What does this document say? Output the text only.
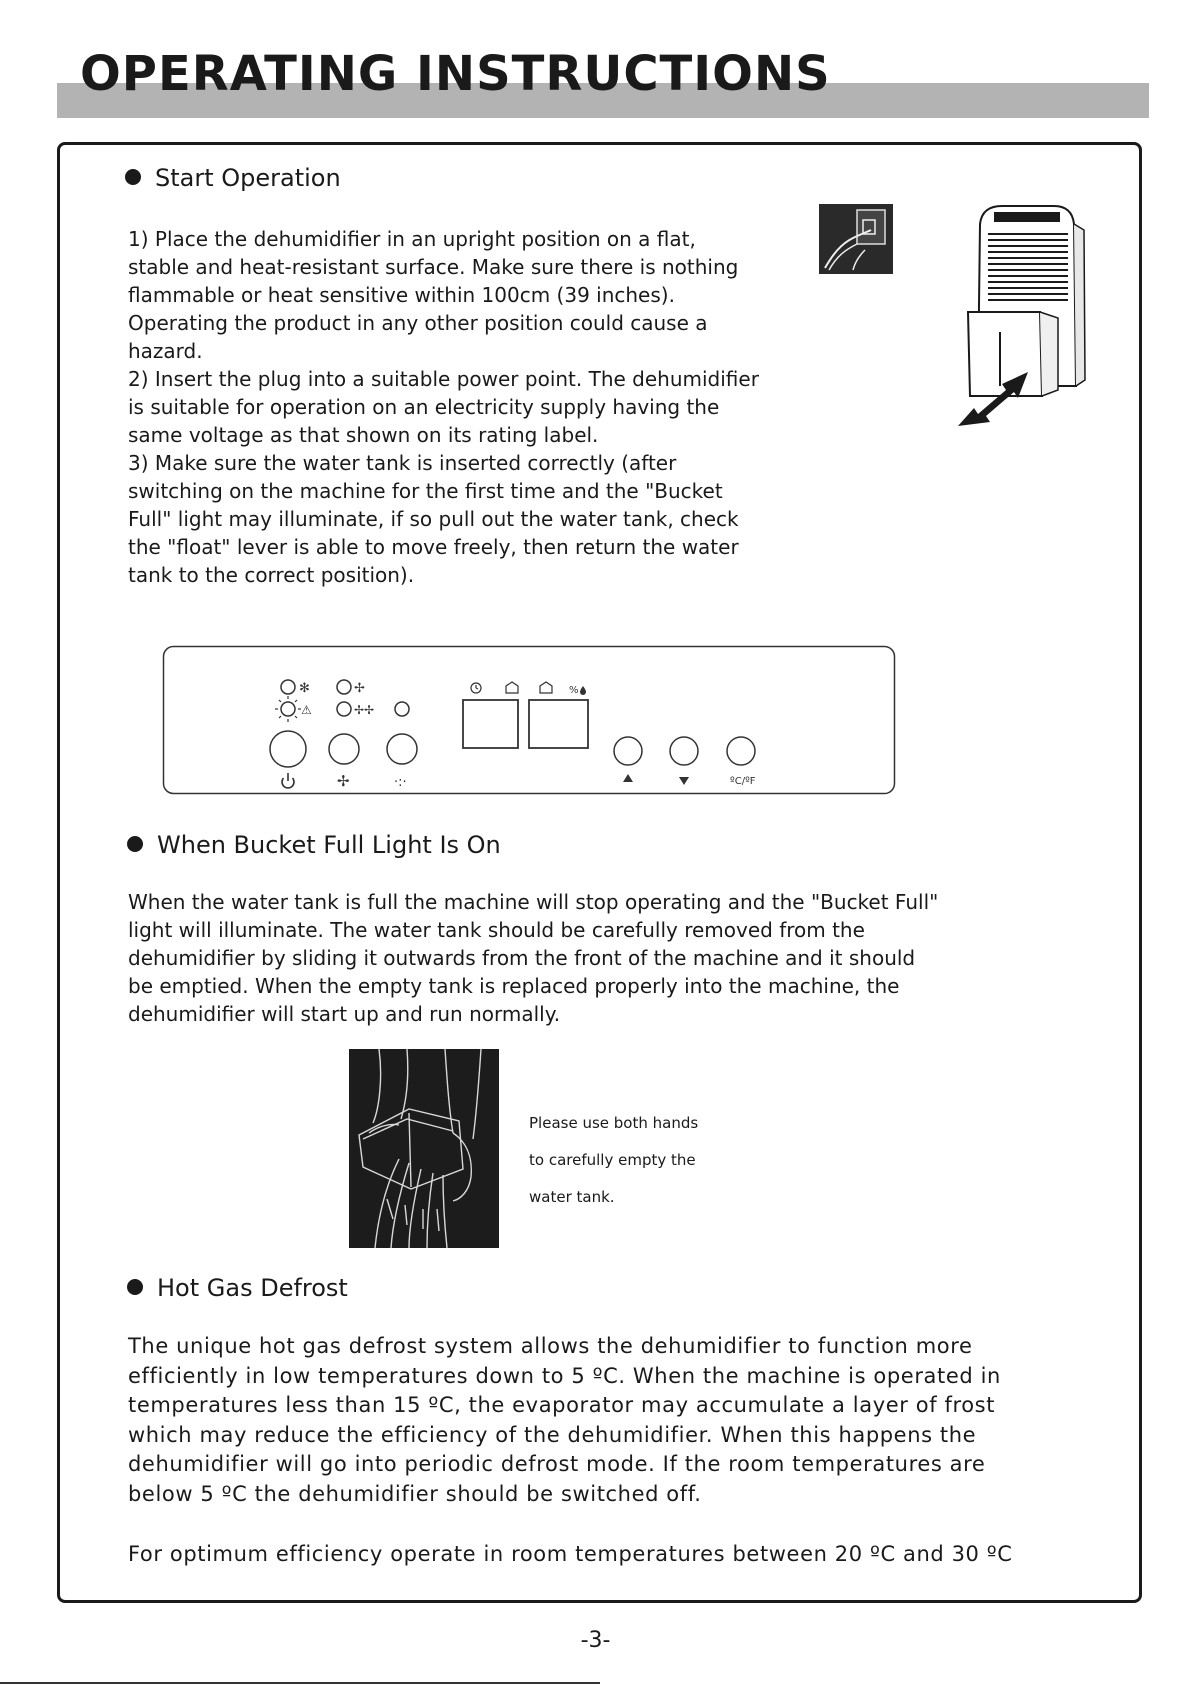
OPERATING INSTRUCTIONS
Start Operation
1) Place the dehumidifier in an upright position on a flat,
stable and heat-resistant surface. Make sure there is nothing
flammable or heat sensitive within 100cm (39 inches).
Operating the product in any other position could cause a
hazard.
2) Insert the plug into a suitable power point. The dehumidifier
is suitable for operation on an electricity supply having the
same voltage as that shown on its rating label.
3) Make sure the water tank is inserted correctly (after
switching on the machine for the first time and the "Bucket
Full" light may illuminate, if so pull out the water tank, check
the "float" lever is able to move freely, then return the water
tank to the correct position).
✻	✢
⚠	✢✢
✢	·:·
%
ºC/ºF
When Bucket Full Light Is On
When the water tank is full the machine will stop operating and the "Bucket Full"
light will illuminate. The water tank should be carefully removed from the
dehumidifier by sliding it outwards from the front of the machine and it should
be emptied. When the empty tank is replaced properly into the machine, the
dehumidifier will start up and run normally.

Please use both hands

to carefully empty the

water tank.

Hot Gas Defrost
The unique hot gas defrost system allows the dehumidifier to function more
efficiently in low temperatures down to 5 ºC. When the machine is operated in
temperatures less than 15 ºC, the evaporator may accumulate a layer of frost
which may reduce the efficiency of the dehumidifier. When this happens the
dehumidifier will go into periodic defrost mode. If the room temperatures are
below 5 ºC the dehumidifier should be switched off.

For optimum efficiency operate in room temperatures between 20 ºC and 30 ºC

-3-
